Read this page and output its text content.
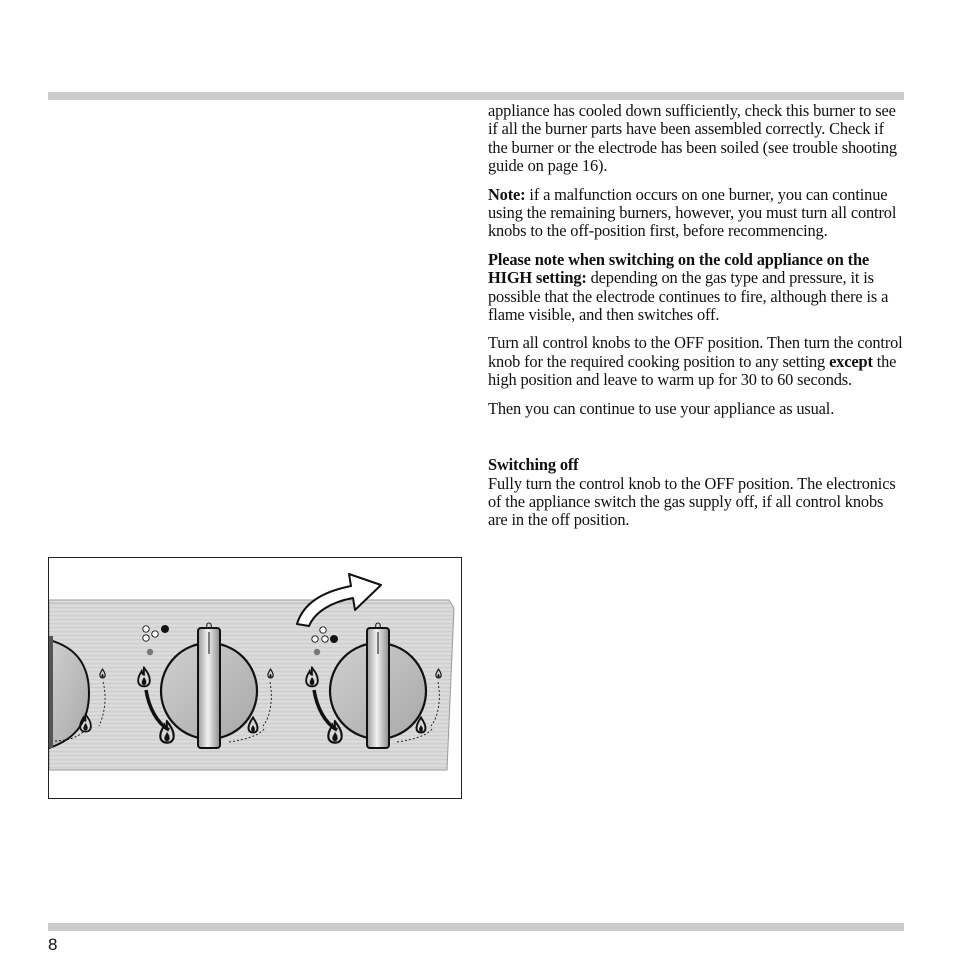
appliance has cooled down sufficiently, check this burner to see if all the burner parts have been assembled correctly. Check if the burner or the electrode has been soiled (see trouble shooting guide on page 16).

Note: if a malfunction occurs on one burner, you can continue using the remaining burners, however, you must turn all control knobs to the off-position first, before recommencing.

Please note when switching on the cold appliance on the HIGH setting: depending on the gas type and pressure, it is possible that the electrode continues to fire, although there is a flame visible, and then switches off.

Turn all control knobs to the OFF position. Then turn the control knob for the required cooking position to any setting except the high position and leave to warm up for 30 to 60 seconds.

Then you can continue to use your appliance as usual.

Switching off
Fully turn the control knob to the OFF position. The electronics of the appliance switch the gas supply off, if all control knobs are in the off position.

8
